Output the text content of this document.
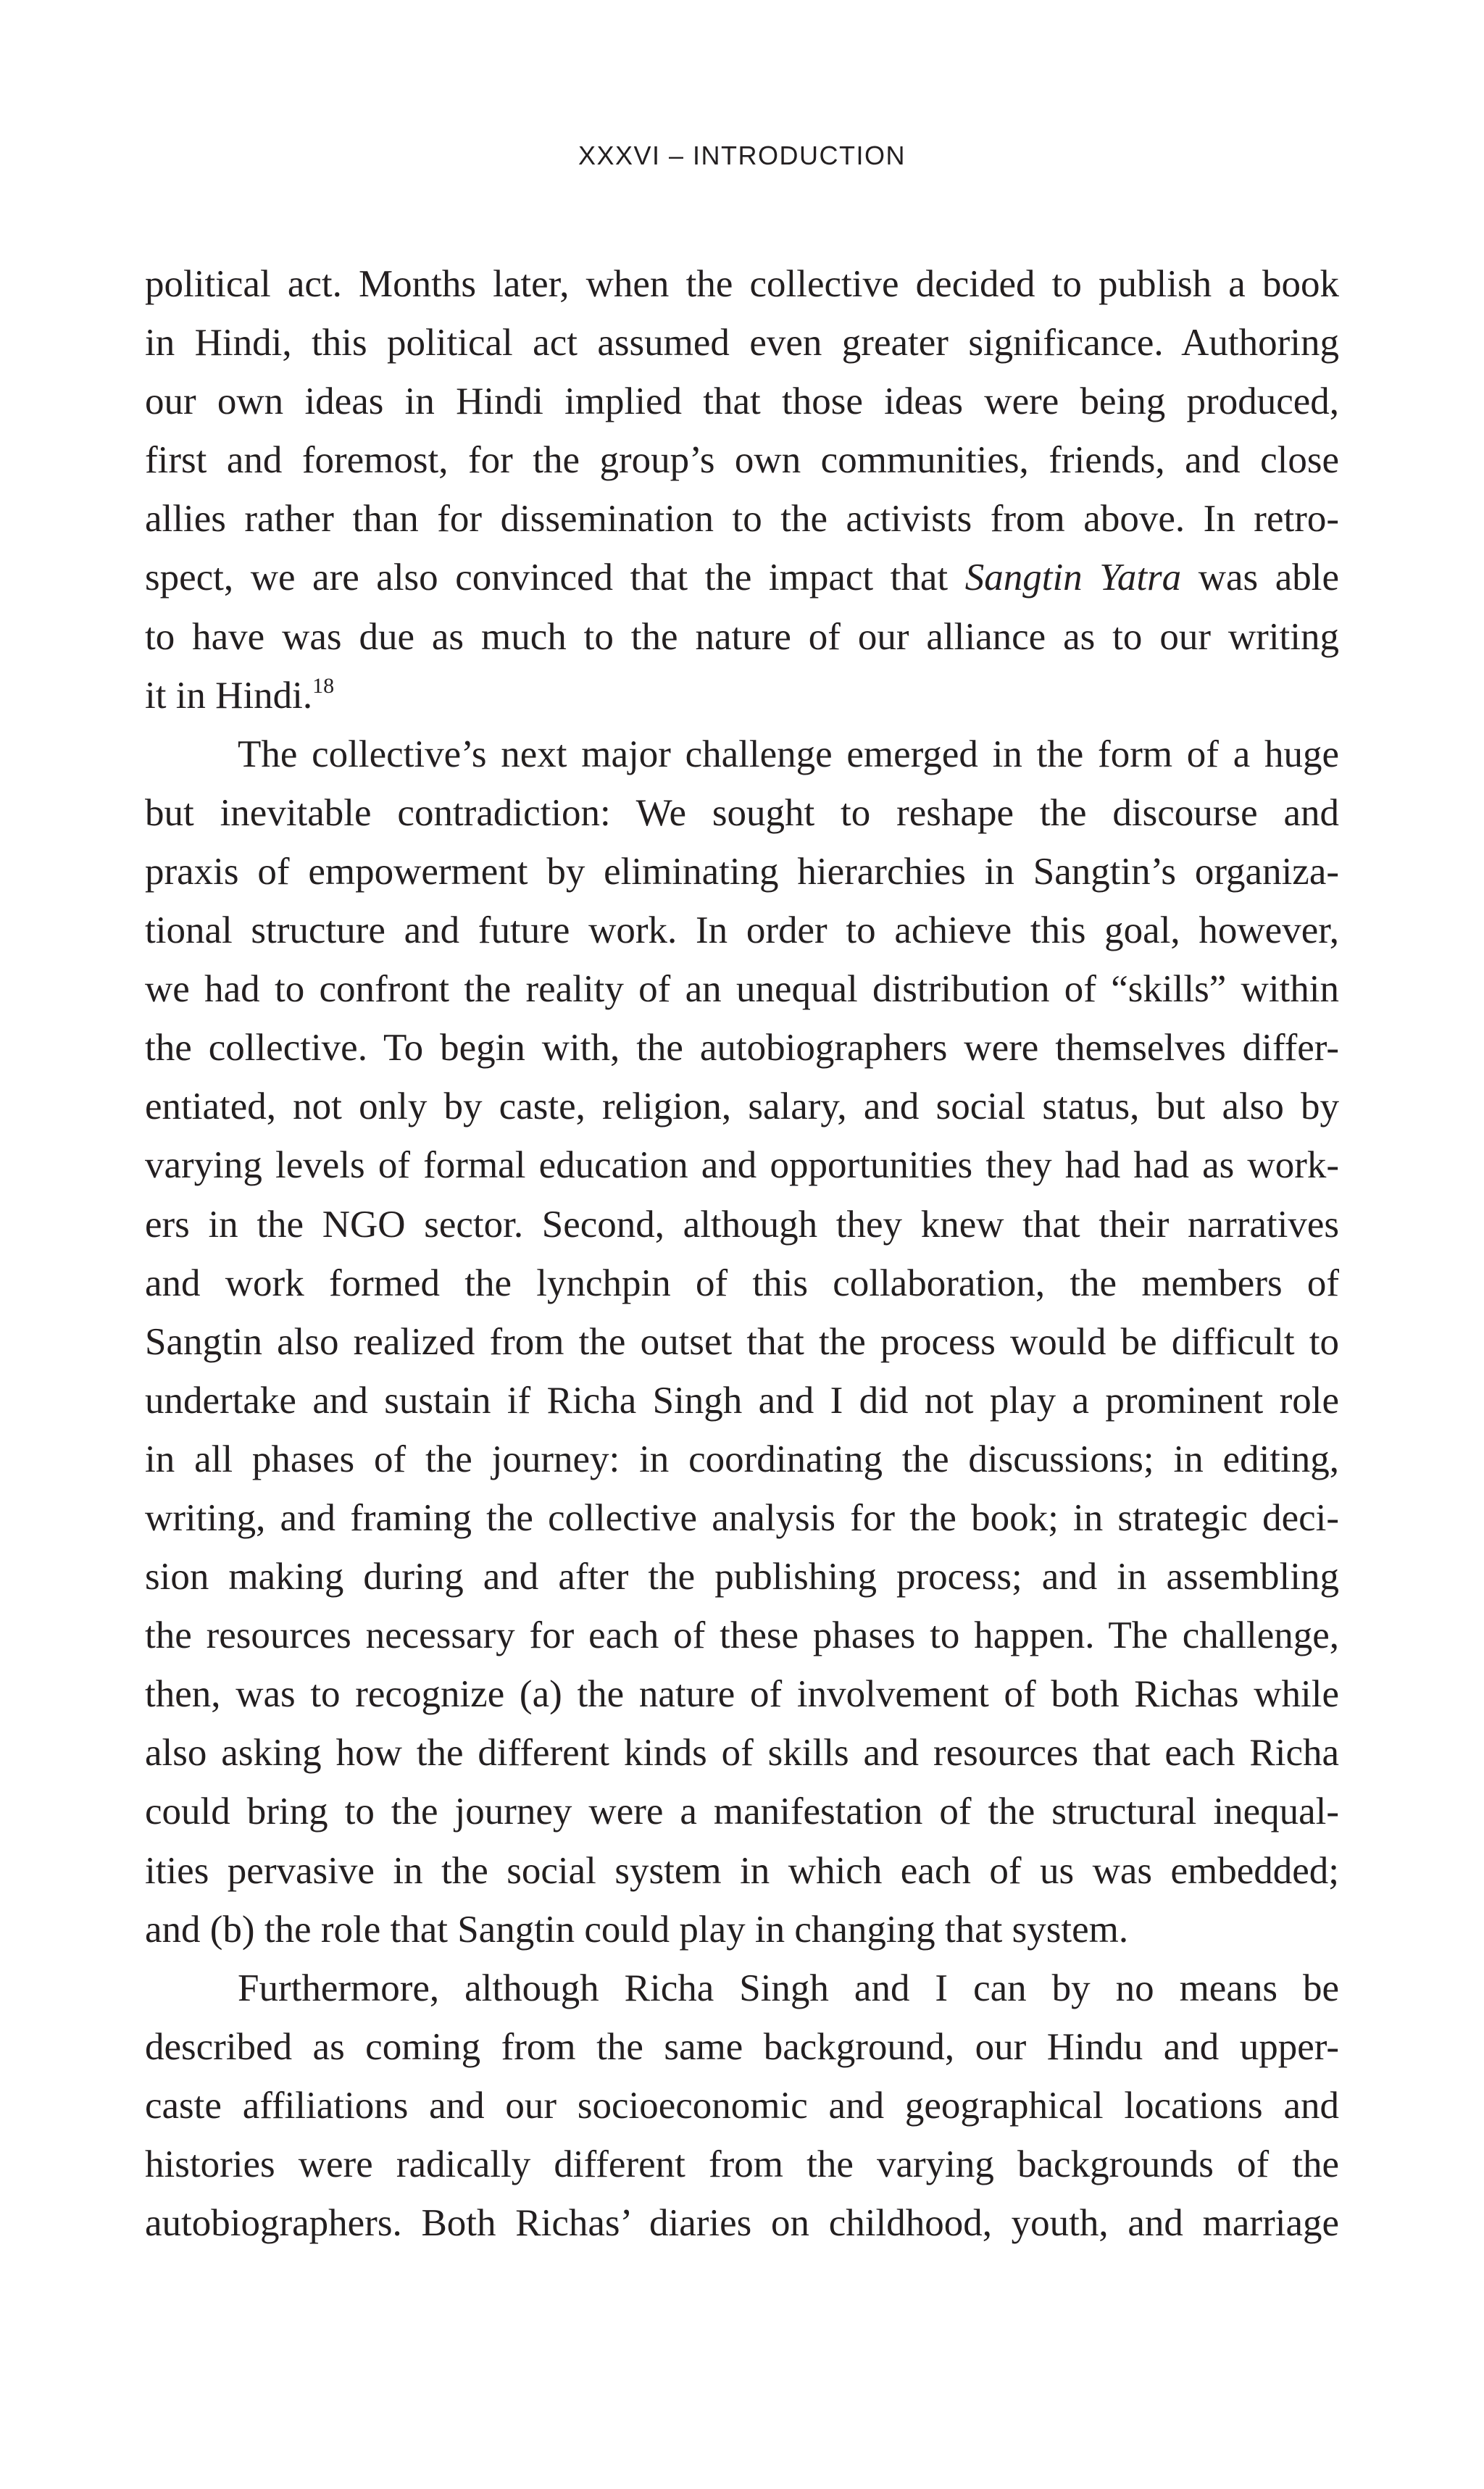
XXXVI – INTRODUCTION
political act. Months later, when the collective decided to publish a book
in Hindi, this political act assumed even greater significance. Authoring
our own ideas in Hindi implied that those ideas were being produced,
first and foremost, for the group’s own communities, friends, and close
allies rather than for dissemination to the activists from above. In retro-
spect, we are also convinced that the impact that Sangtin Yatra was able
to have was due as much to the nature of our alliance as to our writing
it in Hindi.$^{18}$
The collective’s next major challenge emerged in the form of a huge
but inevitable contradiction: We sought to reshape the discourse and
praxis of empowerment by eliminating hierarchies in Sangtin’s organiza-
tional structure and future work. In order to achieve this goal, however,
we had to confront the reality of an unequal distribution of “skills” within
the collective. To begin with, the autobiographers were themselves differ-
entiated, not only by caste, religion, salary, and social status, but also by
varying levels of formal education and opportunities they had had as work-
ers in the NGO sector. Second, although they knew that their narratives
and work formed the lynchpin of this collaboration, the members of
Sangtin also realized from the outset that the process would be difficult to
undertake and sustain if Richa Singh and I did not play a prominent role
in all phases of the journey: in coordinating the discussions; in editing,
writing, and framing the collective analysis for the book; in strategic deci-
sion making during and after the publishing process; and in assembling
the resources necessary for each of these phases to happen. The challenge,
then, was to recognize (a) the nature of involvement of both Richas while
also asking how the different kinds of skills and resources that each Richa
could bring to the journey were a manifestation of the structural inequal-
ities pervasive in the social system in which each of us was embedded;
and (b) the role that Sangtin could play in changing that system.
Furthermore, although Richa Singh and I can by no means be
described as coming from the same background, our Hindu and upper-
caste affiliations and our socioeconomic and geographical locations and
histories were radically different from the varying backgrounds of the
autobiographers. Both Richas’ diaries on childhood, youth, and marriage
